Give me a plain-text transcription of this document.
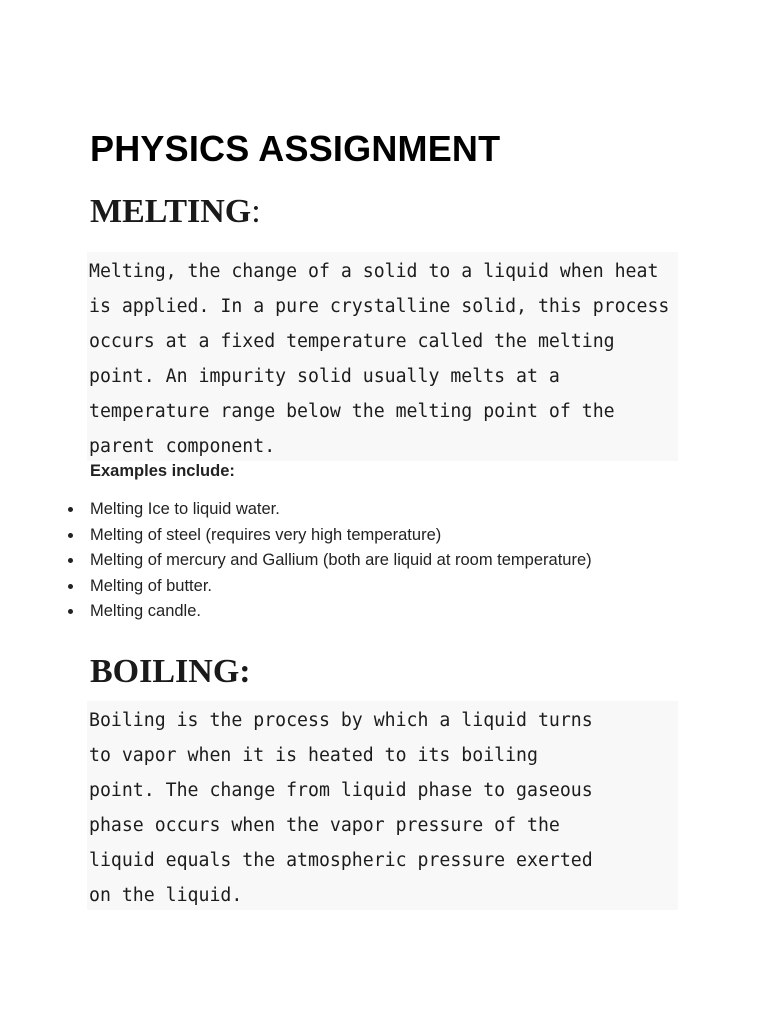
PHYSICS ASSIGNMENT
MELTING:
Melting, the change of a solid to a liquid when heat
is applied. In a pure crystalline solid, this process
occurs at a fixed temperature called the melting
point. An impurity solid usually melts at a
temperature range below the melting point of the
parent component.
Examples include:
Melting Ice to liquid water.
Melting of steel (requires very high temperature)
Melting of mercury and Gallium (both are liquid at room temperature)
Melting of butter.
Melting candle.
BOILING:
Boiling is the process by which a liquid turns
to vapor when it is heated to its boiling
point. The change from liquid phase to gaseous
phase occurs when the vapor pressure of the
liquid equals the atmospheric pressure exerted
on the liquid.
